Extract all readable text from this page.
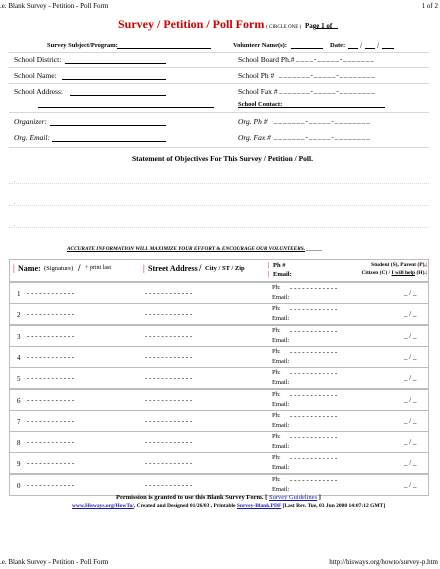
.e. Blank Survey - Petition - Poll Form	1 of 2
Survey / Petition / Poll Form ( CIRCLE ONE ) Page 1 of
Survey Subject/Program:	Volunteer Name(s):	Date: / /
School District:	School Board Ph.# ____-_____-_______
School Name:	School Ph # _______-_____-________
School Address:	School Fax # _______-_____-________
School Contact:
Organizer:	Org. Ph # _______-_____-________
Org. Email:	Org. Fax # _______-_____-________
Statement of Objectives For This Survey / Petition / Poll.
.
.
.
ACCURATE INFORMATION WILL MAXIMIZE YOUR EFFORT & ENCOURAGE OUR VOLUNTEERS. ______
| Name: (Signature) / + print last	| Street Address / City / ST / Zip	| Ph #
| Email:
Student (S), Parent (P),|
Citizen (C) / I will help (H).|
1 - - - - - - - - - - - -	- - - - - - - - - - - -
Ph: - - - - - - - - - - - -
Email:
_ / _
2 - - - - - - - - - - - -	- - - - - - - - - - - -
Ph: - - - - - - - - - - - -
Email:
_ / _
3 - - - - - - - - - - - -	- - - - - - - - - - - -
Ph: - - - - - - - - - - - -
Email:
_ / _
4 - - - - - - - - - - - -	- - - - - - - - - - - -
Ph: - - - - - - - - - - - -
Email:
_ / _
5 - - - - - - - - - - - -	- - - - - - - - - - - -
Ph: - - - - - - - - - - - -
Email:
_ / _
6 - - - - - - - - - - - -	- - - - - - - - - - - -
Ph: - - - - - - - - - - - -
Email:
_ / _
7 - - - - - - - - - - - -	- - - - - - - - - - - -
Ph: - - - - - - - - - - - -
Email:
_ / _
8 - - - - - - - - - - - -	- - - - - - - - - - - -
Ph: - - - - - - - - - - - -
Email:
_ / _
9 - - - - - - - - - - - -	- - - - - - - - - - - -
Ph: - - - - - - - - - - - -
Email:
_ / _
0 - - - - - - - - - - - -	- - - - - - - - - - - -
Ph: - - - - - - - - - - - -
Email:
_ / _
Permission is granted to use this Blank Survey Form. [ Survey Guidelines ]
www.Hisways.org/HowTo/, Created and Designed 01/26/03 , Printable Survey-Blank.PDF [Last Rev. Tue, 03 Jun 2008 14:07:12 GMT]
.e. Blank Survey - Petition - Poll Form	http://hisways.org/howto/survey-p.htm
